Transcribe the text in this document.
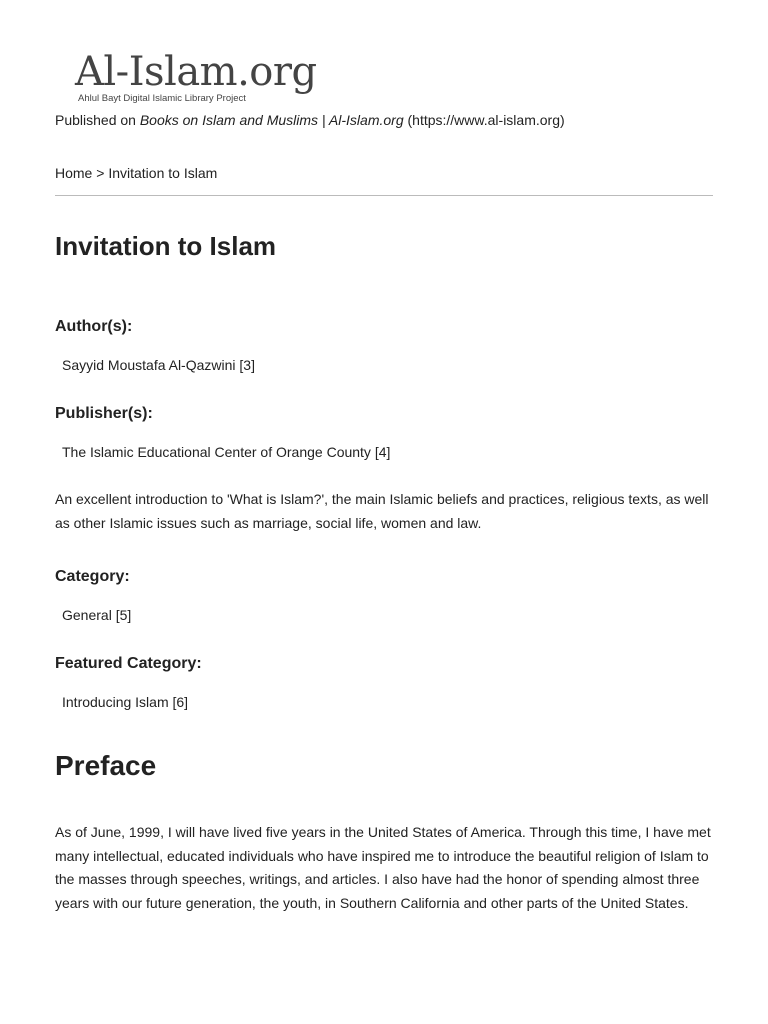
Al-Islam.org
Ahlul Bayt Digital Islamic Library Project
Published on Books on Islam and Muslims | Al-Islam.org (https://www.al-islam.org)
Home > Invitation to Islam
Invitation to Islam
Author(s):
Sayyid Moustafa Al-Qazwini [3]
Publisher(s):
The Islamic Educational Center of Orange County [4]

An excellent introduction to 'What is Islam?', the main Islamic beliefs and practices, religious texts, as well as other Islamic issues such as marriage, social life, women and law.

Category:
General [5]
Featured Category:
Introducing Islam [6]
Preface

As of June, 1999, I will have lived five years in the United States of America. Through this time, I have met many intellectual, educated individuals who have inspired me to introduce the beautiful religion of Islam to the masses through speeches, writings, and articles. I also have had the honor of spending almost three years with our future generation, the youth, in Southern California and other parts of the United States.
